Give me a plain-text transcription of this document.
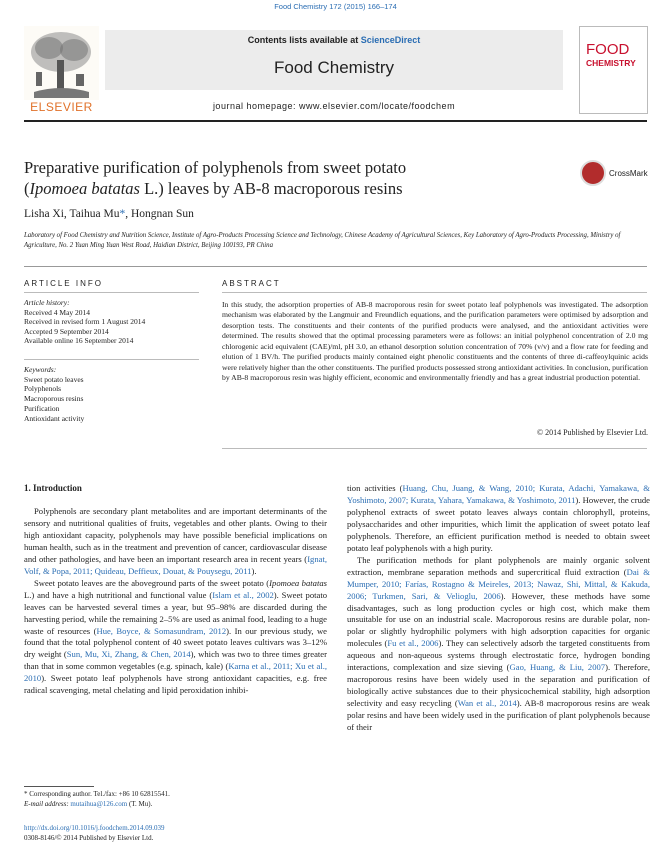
Food Chemistry 172 (2015) 166–174
ELSEVIER
Contents lists available at ScienceDirect
Food Chemistry
journal homepage: www.elsevier.com/locate/foodchem
FOOD
CHEMISTRY
Preparative purification of polyphenols from sweet potato
(Ipomoea batatas L.) leaves by AB-8 macroporous resins
CrossMark
Lisha Xi, Taihua Mu*, Hongnan Sun
Laboratory of Food Chemistry and Nutrition Science, Institute of Agro-Products Processing Science and Technology, Chinese Academy of Agricultural Sciences, Key Laboratory of Agro-Products Processing, Ministry of Agriculture, No. 2 Yuan Ming Yuan West Road, Haidian District, Beijing 100193, PR China
ARTICLE INFO	ABSTRACT
Article history:
Received 4 May 2014
Received in revised form 1 August 2014
Accepted 9 September 2014
Available online 16 September 2014
Keywords:
Sweet potato leaves
Polyphenols
Macroporous resins
Purification
Antioxidant activity
In this study, the adsorption properties of AB-8 macroporous resin for sweet potato leaf polyphenols was investigated. The adsorption mechanism was elaborated by the Langmuir and Freundlich equations, and the purification parameters were optimised by adsorption and desorption tests. The constituents and their contents of the purified products were analysed, and the antioxidant activities were determined. The results showed that the optimal processing parameters were as follows: an initial polyphenol concentration of 2.0 mg chlorogenic acid equivalent (CAE)/ml, pH 3.0, an ethanol desorption solution concentration of 70% (v/v) and a flow rate for feeding and elution of 1 BV/h. The purified products mainly contained eight phenolic constituents and the contents of three di-caffeoylquinic acids were relatively higher than the other constituents. The purified products possessed strong antioxidant activities. In conclusion, purification by AB-8 macroporous resin was highly efficient, economic and environmentally friendly and has a great industrial production potential.
© 2014 Published by Elsevier Ltd.
1. Introduction

Polyphenols are secondary plant metabolites and are important determinants of the sensory and nutritional qualities of fruits, vegetables and other plants. Owing to their high antioxidant capacity, polyphenols may have possible beneficial implications on human health, such as in the treatment and prevention of cancer, cardiovascular disease and other pathologies, and have been an important research area in recent years (Ignat, Volf, & Popa, 2011; Quideau, Deffieux, Douat, & Pouysegu, 2011).

Sweet potato leaves are the aboveground parts of the sweet potato (Ipomoea batatas L.) and have a high nutritional and functional value (Islam et al., 2002). Sweet potato leaves can be harvested several times a year, but 95–98% are discarded during the harvesting period, while the remaining 2–5% are used as animal food, leading to a huge waste of resources (Hue, Boyce, & Somasundram, 2012). In our previous study, we found that the total polyphenol content of 40 sweet potato leaves cultivars was 3–12% dry weight (Sun, Mu, Xi, Zhang, & Chen, 2014), which was two to three times greater than that in some common vegetables (e.g. spinach, kale) (Karna et al., 2011; Xu et al., 2010). Sweet potato leaf polyphenols have strong antioxidant capacities, e.g. free radical scavenging, metal chelating and lipid peroxidation inhibi-

tion activities (Huang, Chu, Juang, & Wang, 2010; Kurata, Adachi, Yamakawa, & Yoshimoto, 2007; Kurata, Yahara, Yamakawa, & Yoshimoto, 2011). However, the crude polyphenol extracts of sweet potato leaves always contain chlorophyll, proteins, polysaccharides and other impurities, which limit the application of sweet potato leaf polyphenols. Therefore, an efficient purification method is needed to obtain sweet potato leaf polyphenols with a high purity.

The purification methods for plant polyphenols are mainly organic solvent extraction, membrane separation methods and supercritical fluid extraction (Dai & Mumper, 2010; Farías, Rostagno & Meireles, 2013; Nawaz, Shi, Mittal, & Kakuda, 2006; Turkmen, Sari, & Velioglu, 2006). However, these methods have some disadvantages, such as long production cycles or high cost, which make them unsuitable for use on an industrial scale. Macroporous resins are durable polar, non-polar or slightly hydrophilic polymers with high adsorption capacities for organic molecules (Fu et al., 2006). They can selectively adsorb the targeted constituents from aqueous and non-aqueous systems through electrostatic force, hydrogen bonding interactions, complexation and size sieving (Gao, Huang, & Liu, 2007). Therefore, macroporous resins have been widely used in the separation and purification of biologically active substances due to their physicochemical stability, high adsorption selectivity and easy recycling (Wan et al., 2014). AB-8 macroporous resins are weak polar resins and have been widely used in the purification of plant polyphenols because of their

* Corresponding author. Tel./fax: +86 10 62815541.
E-mail address: mutaihua@126.com (T. Mu).
http://dx.doi.org/10.1016/j.foodchem.2014.09.039
0308-8146/© 2014 Published by Elsevier Ltd.
